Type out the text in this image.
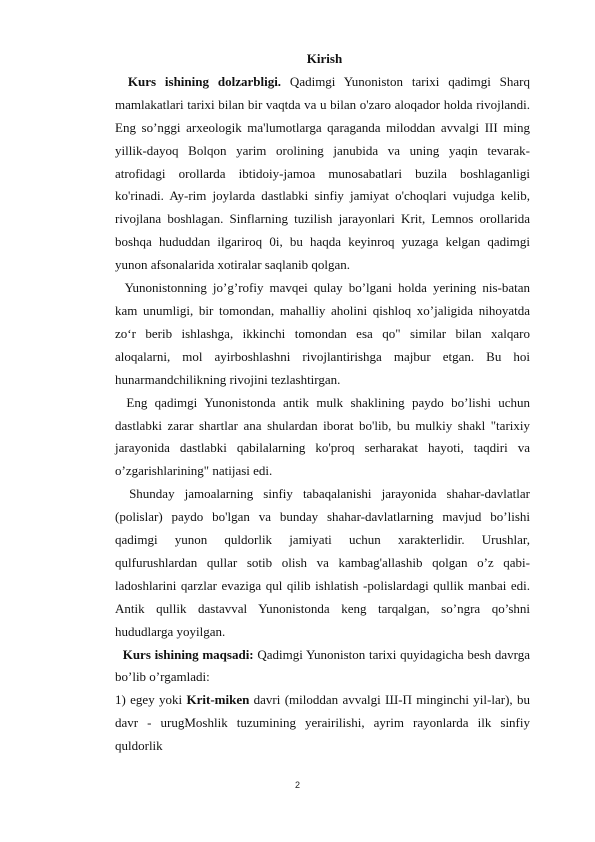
Kirish

Kurs ishining dolzarbligi. Qadimgi Yunoniston tarixi qadimgi Sharq mamlakatlari tarixi bilan bir vaqtda va u bilan o'zaro aloqador holda rivojlandi. Eng so’nggi arxeologik ma'lumotlarga qaraganda miloddan avvalgi III ming yillik-dayoq Bolqon yarim orolining janubida va uning yaqin tevarak- atrofidagi orollarda ibtidoiy-jamoa munosabatlari buzila boshlaganligi ko'rinadi. Ay-rim joylarda dastlabki sinfiy jamiyat o'choqlari vujudga kelib, rivojlana boshlagan. Sinflarning tuzilish jarayonlari Krit, Lemnos orollarida boshqa hududdan ilgariroq 0i, bu haqda keyinroq yuzaga kelgan qadimgi yunon afsonalarida xotiralar saqlanib qolgan.

Yunonistonning jo’g’rofiy mavqei qulay bo’lgani holda yerining nis-batan kam unumligi, bir tomondan, mahalliy aholini qishloq xo’jaligida nihoyatda zo‘r berib ishlashga, ikkinchi tomondan esa qo" similar bilan xalqaro aloqalarni, mol ayirboshlashni rivojlantirishga majbur etgan. Bu hoi hunarmandchilikning rivojini tezlashtirgan.

Eng qadimgi Yunonistonda antik mulk shaklining paydo bo’lishi uchun dastlabki zarar shartlar ana shulardan iborat bo'lib, bu mulkiy shakl "tarixiy jarayonida dastlabki qabilalarning ko'proq serharakat hayoti, taqdiri va o’zgarishlarining" natijasi edi.

Shunday jamoalarning sinfiy tabaqalanishi jarayonida shahar-davlatlar (polislar) paydo bo'lgan va bunday shahar-davlatlarning mavjud bo’lishi qadimgi yunon quldorlik jamiyati uchun xarakterlidir. Urushlar, qulfurushlardan qullar sotib olish va kambag'allashib qolgan o’z qabi-ladoshlarini qarzlar evaziga qul qilib ishlatish -polislardagi qullik manbai edi. Antik qullik dastavval Yunonistonda keng tarqalgan, so’ngra qo’shni hududlarga yoyilgan.

Kurs ishining maqsadi: Qadimgi Yunoniston tarixi quyidagicha besh davrga bo’lib o’rgamladi:

1) egey yoki Krit-miken davri (miloddan avvalgi Ш-П minginchi yil-lar), bu davr - urugMoshlik tuzumining yerairilishi, ayrim rayonlarda ilk sinfiy quldorlik

2
